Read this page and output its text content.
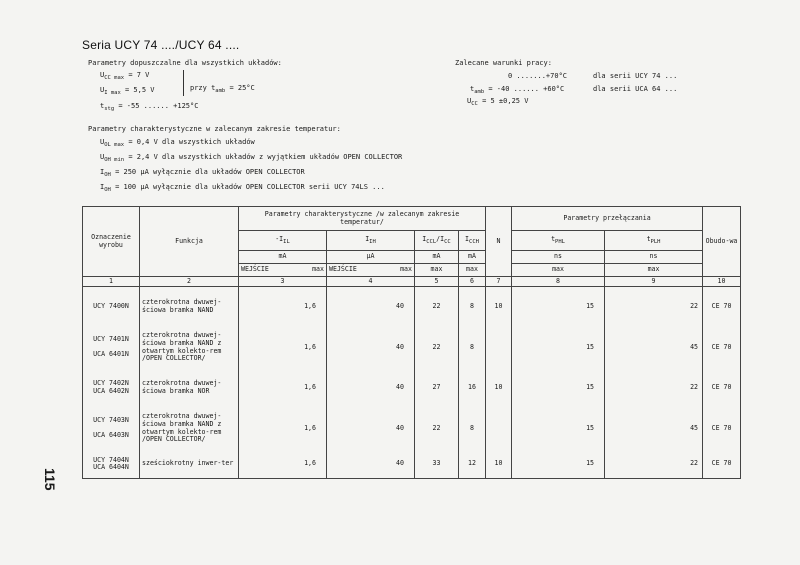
Seria UCY 74 ..../UCY 64 ....
Parametry dopuszczalne dla wszystkich układów:
$U_{CC max} = 7$ V
$U_{I max} = 5,5$ V
$t_{stg} = -55$ ...... +125°C
przy $t_{amb} = 25^\circ C$
Zalecane warunki pracy:
0 .......+70°C	dla serii UCY 74 ...
$t_{amb} = -40$ ...... +60°C	dla serii UCA 64 ...
$U_{CC} = 5 \pm 0,25$ V
Parametry charakterystyczne w zalecanym zakresie temperatur:
$U_{OL max} = 0,4$ V dla wszystkich układów
$U_{OH min} = 2,4$ V dla wszystkich układów z wyjątkiem układów OPEN COLLECTOR
$I_{OH} = 250$ µA wyłącznie dla układów OPEN COLLECTOR
$I_{OH} = 100$ µA wyłącznie dla układów OPEN COLLECTOR serii UCY 74LS ...
115
Oznaczenie wyrobu	Funkcja	Parametry charakterystyczne /w zalecanym zakresie temperatur/				N	Parametry przełączania		Obudo-wa
		$-I_{IL}$	$I_{IH}$	$I_{CCL}/I_{CC}$	$I_{CCH}$		$t_{PHL}$	$t_{PLH}$
		mA	µA	mA	mA		ns	ns	

		WEJŚCIE max	WEJŚCIE max	max	max		max	max	
1	2	3	4	5	6	7	8	9	10

UCY 7400N	czterokrotna dwuwej-ściowa bramka NAND	1,6	40	22	8	10	15	22	CE 70

UCY 7401N

UCA 6401N	czterokrotna dwuwej-ściowa bramka NAND z otwartym kolekto-rem /OPEN COLLECTOR/	1,6	40	22	8		15	45	CE 70

UCY 7402N
UCA 6402N	czterokrotna dwuwej-ściowa bramka NOR	1,6	40	27	16	10	15	22	CE 70

UCY 7403N

UCA 6403N	czterokrotna dwuwej-ściowa bramka NAND z otwartym kolekto-rem /OPEN COLLECTOR/	1,6	40	22	8		15	45	CE 70

UCY 7404N
UCA 6404N	sześciokrotny inwer-ter	1,6	40	33	12	10	15	22	CE 70
